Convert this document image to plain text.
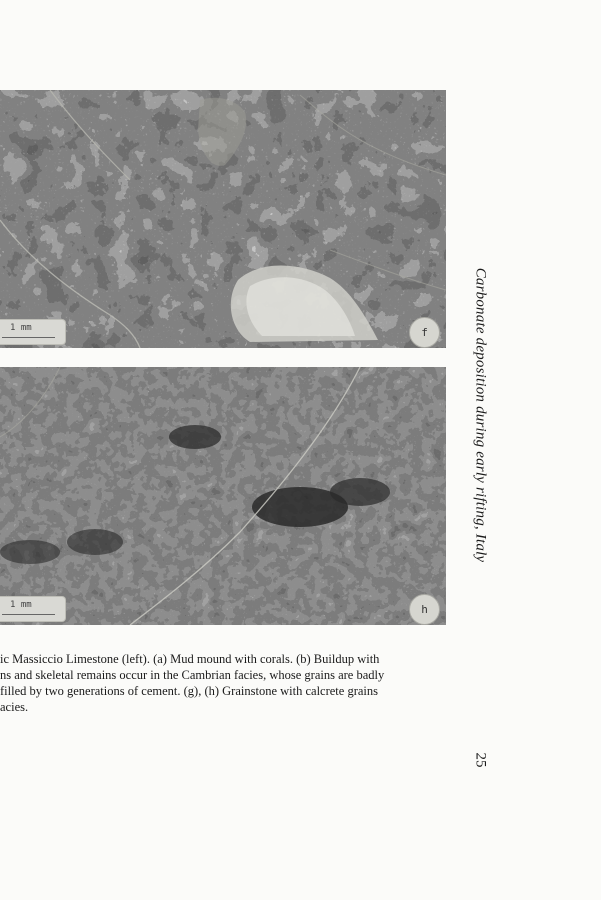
f
1 mm
h
1 mm
ic Massiccio Limestone (left). (a) Mud mound with corals. (b) Buildup with
ns and skeletal remains occur in the Cambrian facies, whose grains are badly
filled by two generations of cement. (g), (h) Grainstone with calcrete grains
acies.
Carbonate deposition during early rifting, Italy
25
